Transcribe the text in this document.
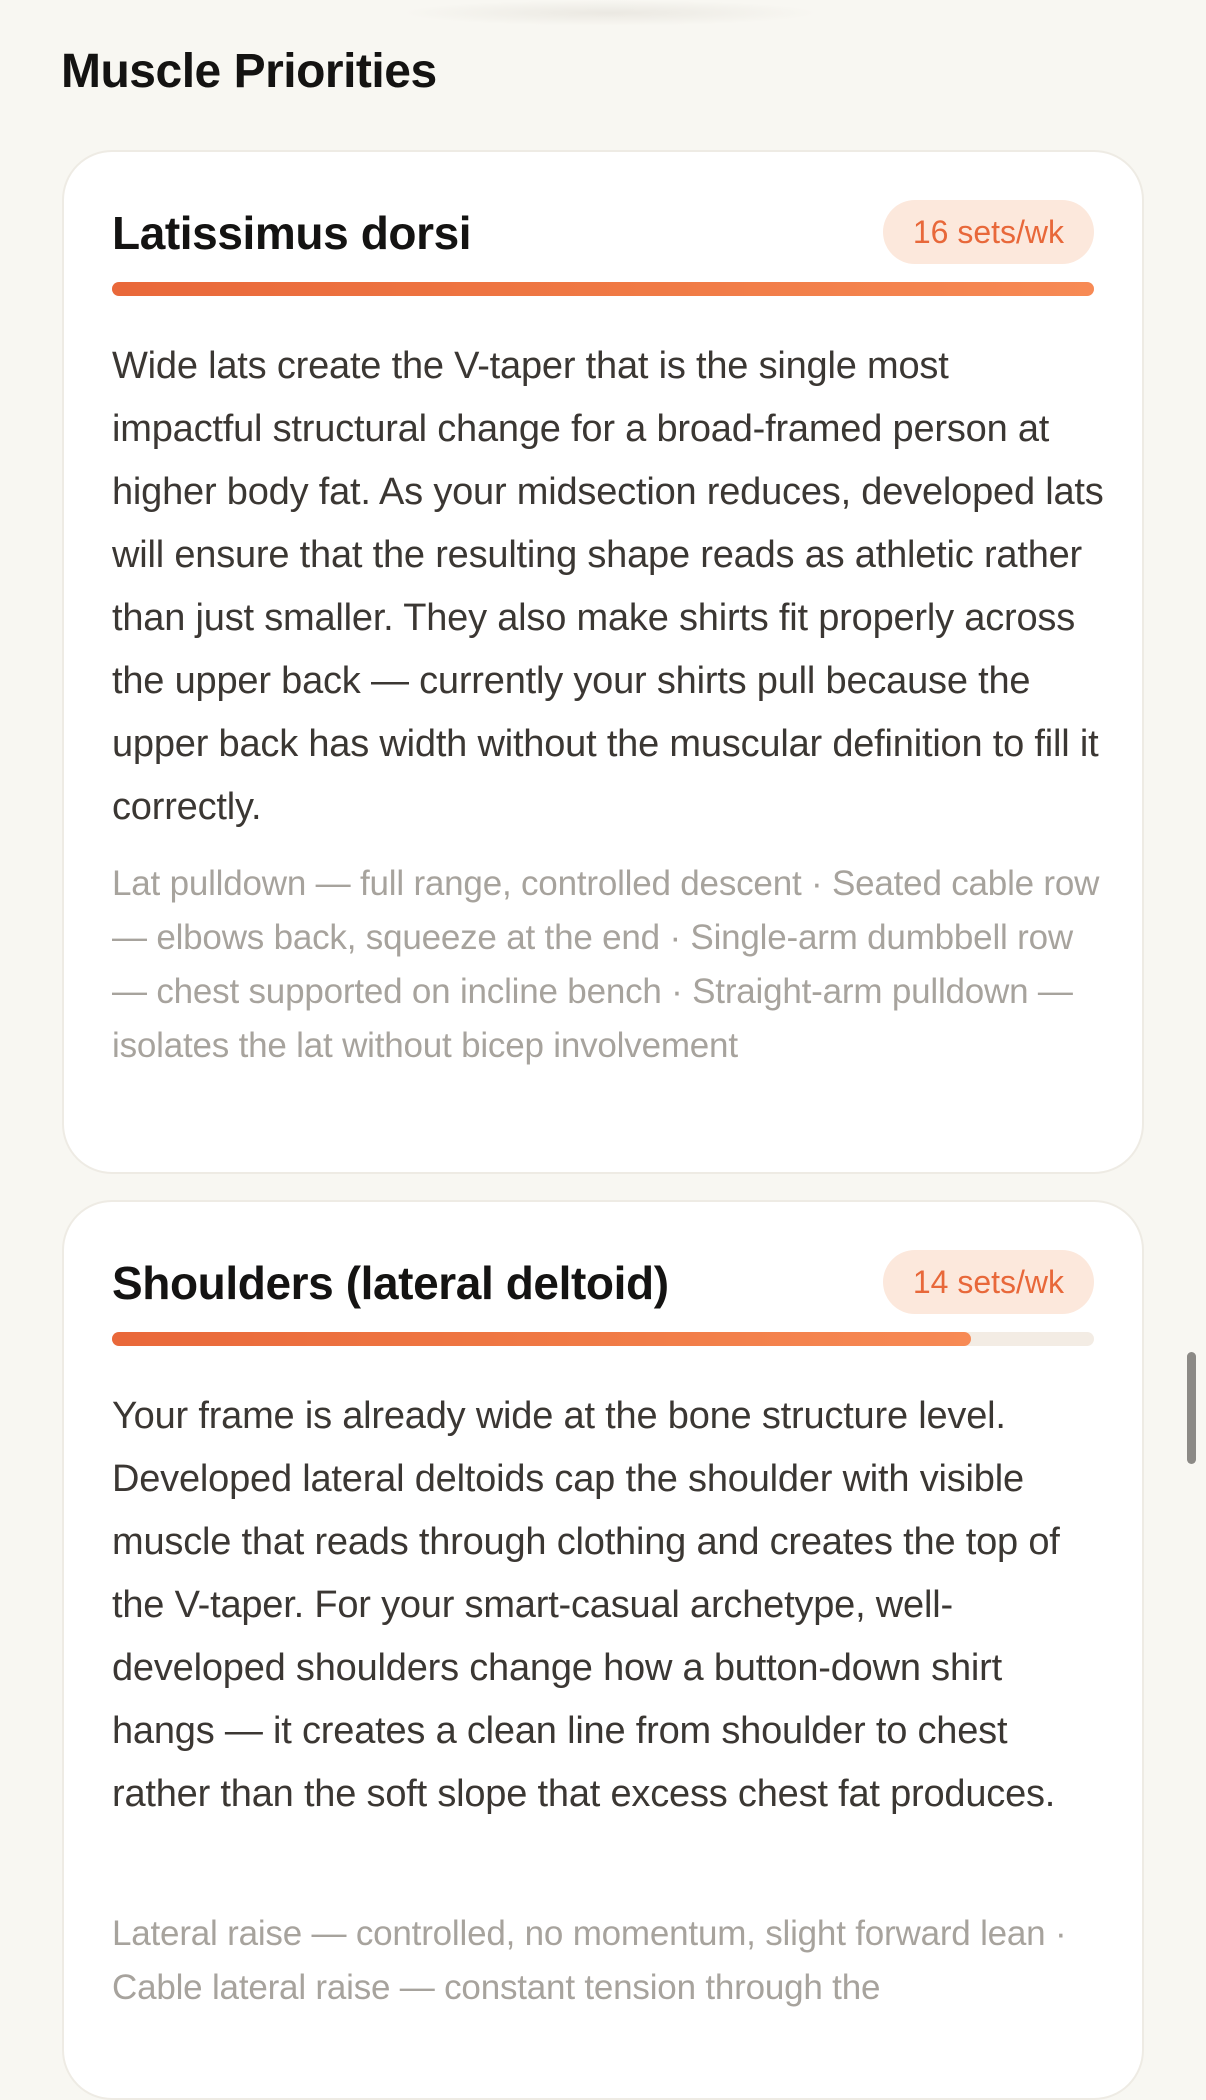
Muscle Priorities
Latissimus dorsi	16 sets/wk

Wide lats create the V-taper that is the single most impactful structural change for a broad-framed person at higher body fat. As your midsection reduces, developed lats will ensure that the resulting shape reads as athletic rather than just smaller. They also make shirts fit properly across the upper back — currently your shirts pull because the upper back has width without the muscular definition to fill it correctly.

Lat pulldown — full range, controlled descent · Seated cable row — elbows back, squeeze at the end · Single-arm dumbbell row — chest supported on incline bench · Straight-arm pulldown — isolates the lat without bicep involvement

Shoulders (lateral deltoid)	14 sets/wk

Your frame is already wide at the bone structure level. Developed lateral deltoids cap the shoulder with visible muscle that reads through clothing and creates the top of the V-taper. For your smart-casual archetype, well-developed shoulders change how a button-down shirt hangs — it creates a clean line from shoulder to chest rather than the soft slope that excess chest fat produces.

Lateral raise — controlled, no momentum, slight forward lean · Cable lateral raise — constant tension through the
